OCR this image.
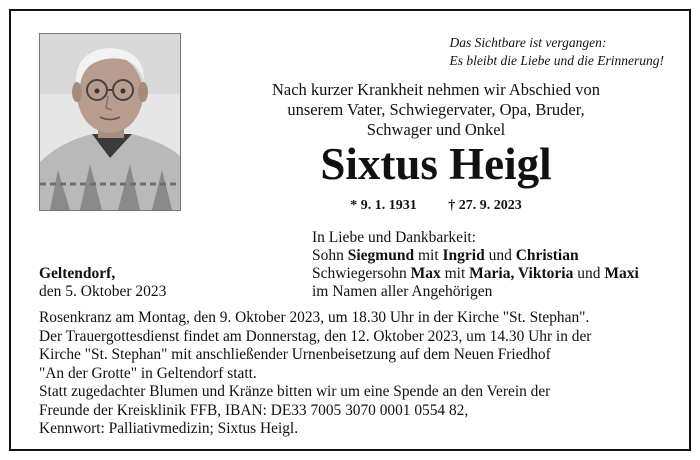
Das Sichtbare ist vergangen:
Es bleibt die Liebe und die Erinnerung!
Nach kurzer Krankheit nehmen wir Abschied von
unserem Vater, Schwiegervater, Opa, Bruder,
Schwager und Onkel
Sixtus Heigl
* 9. 1. 1931 † 27. 9. 2023
In Liebe und Dankbarkeit:
Sohn Siegmund mit Ingrid und Christian
Schwiegersohn Max mit Maria, Viktoria und Maxi
im Namen aller Angehörigen
Geltendorf,
den 5. Oktober 2023
Rosenkranz am Montag, den 9. Oktober 2023, um 18.30 Uhr in der Kirche "St. Stephan".
Der Trauergottesdienst findet am Donnerstag, den 12. Oktober 2023, um 14.30 Uhr in der
Kirche "St. Stephan" mit anschließender Urnenbeisetzung auf dem Neuen Friedhof
"An der Grotte" in Geltendorf statt.
Statt zugedachter Blumen und Kränze bitten wir um eine Spende an den Verein der
Freunde der Kreisklinik FFB, IBAN: DE33 7005 3070 0001 0554 82,
Kennwort: Palliativmedizin; Sixtus Heigl.
